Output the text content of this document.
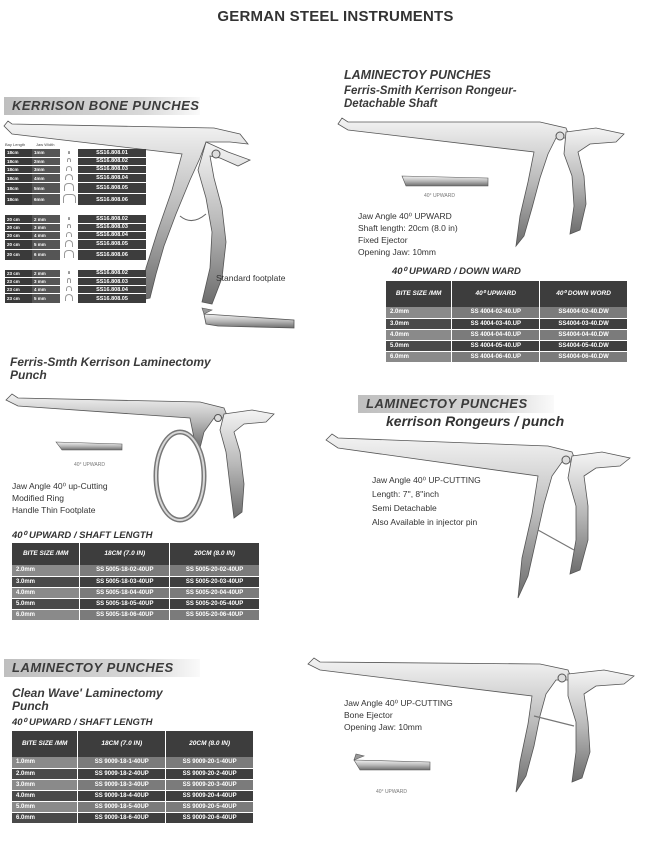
GERMAN STEEL INSTRUMENTS
KERRISON BONE PUNCHES
Bay Length	Jaw Width
18cm	1mm		SS16.808.01
18cm	2mm		SS16.808.02
18cm	3mm		SS16.808.03
18cm	4mm		SS16.808.04
18cm	5mm		SS16.808.05
18cm	6mm		SS16.808.06
20 cm	2 mm		SS16.808.02
20 cm	3 mm		SS16.808.03
20 cm	4 mm		SS16.808.04
20 cm	5 mm		SS16.808.05
20 cm	6 mm		SS16.808.06
23 cm	2 mm		SS16.808.02
23 cm	3 mm		SS16.808.03
23 cm	4 mm		SS16.808.04
23 cm	5 mm		SS16.808.05
Standard footplate
Ferris-Smth Kerrison Laminectomy Punch
40° UPWARD
Jaw Angle 40⁰ up-Cutting
Modified Ring
Handle Thin Footplate
40⁰ UPWARD / SHAFT LENGTH
BITE SIZE /MM	18CM (7.0 IN)	20CM (8.0 IN)
2.0mm	SS 5005-18-02-40UP	SS 5005-20-02-40UP
3.0mm	SS 5005-18-03-40UP	SS 5005-20-03-40UP
4.0mm	SS 5005-18-04-40UP	SS 5005-20-04-40UP
5.0mm	SS 5005-18-05-40UP	SS 5005-20-05-40UP
6.0mm	SS 5005-18-06-40UP	SS 5005-20-06-40UP
LAMINECTOY PUNCHES
Clean Wave' Laminectomy Punch
40⁰ UPWARD / SHAFT LENGTH
BITE SIZE /MM	18CM (7.0 IN)	20CM (8.0 IN)
1.0mm	SS 9009-18-1-40UP	SS 9009-20-1-40UP
2.0mm	SS 9009-18-2-40UP	SS 9009-20-2-40UP
3.0mm	SS 9009-18-3-40UP	SS 9009-20-3-40UP
4.0mm	SS 9009-18-4-40UP	SS 9009-20-4-40UP
5.0mm	SS 9009-18-5-40UP	SS 9009-20-5-40UP
6.0mm	SS 9009-18-6-40UP	SS 9009-20-6-40UP
LAMINECTOY PUNCHES
Ferris-Smith Kerrison Rongeur- Detachable Shaft
40° UPWARD
Jaw Angle 40⁰ UPWARD
Shaft length: 20cm (8.0 in)
Fixed Ejector
Opening Jaw: 10mm
40⁰ UPWARD / DOWN WARD
BITE SIZE /MM	40⁰ UPWARD	40⁰ DOWN WORD
2.0mm	SS 4004-02-40.UP	SS4004-02-40.DW
3.0mm	SS 4004-03-40.UP	SS4004-03-40.DW
4.0mm	SS 4004-04-40.UP	SS4004-04-40.DW
5.0mm	SS 4004-05-40.UP	SS4004-05-40.DW
6.0mm	SS 4004-06-40.UP	SS4004-06-40.DW
LAMINECTOY PUNCHES
kerrison Rongeurs / punch
Jaw Angle 40⁰ UP-CUTTING
Length: 7'', 8''inch
Semi Detachable
Also Available in injector pin
Jaw Angle 40⁰ UP-CUTTING
Bone Ejector
Opening Jaw: 10mm
40° UPWARD
